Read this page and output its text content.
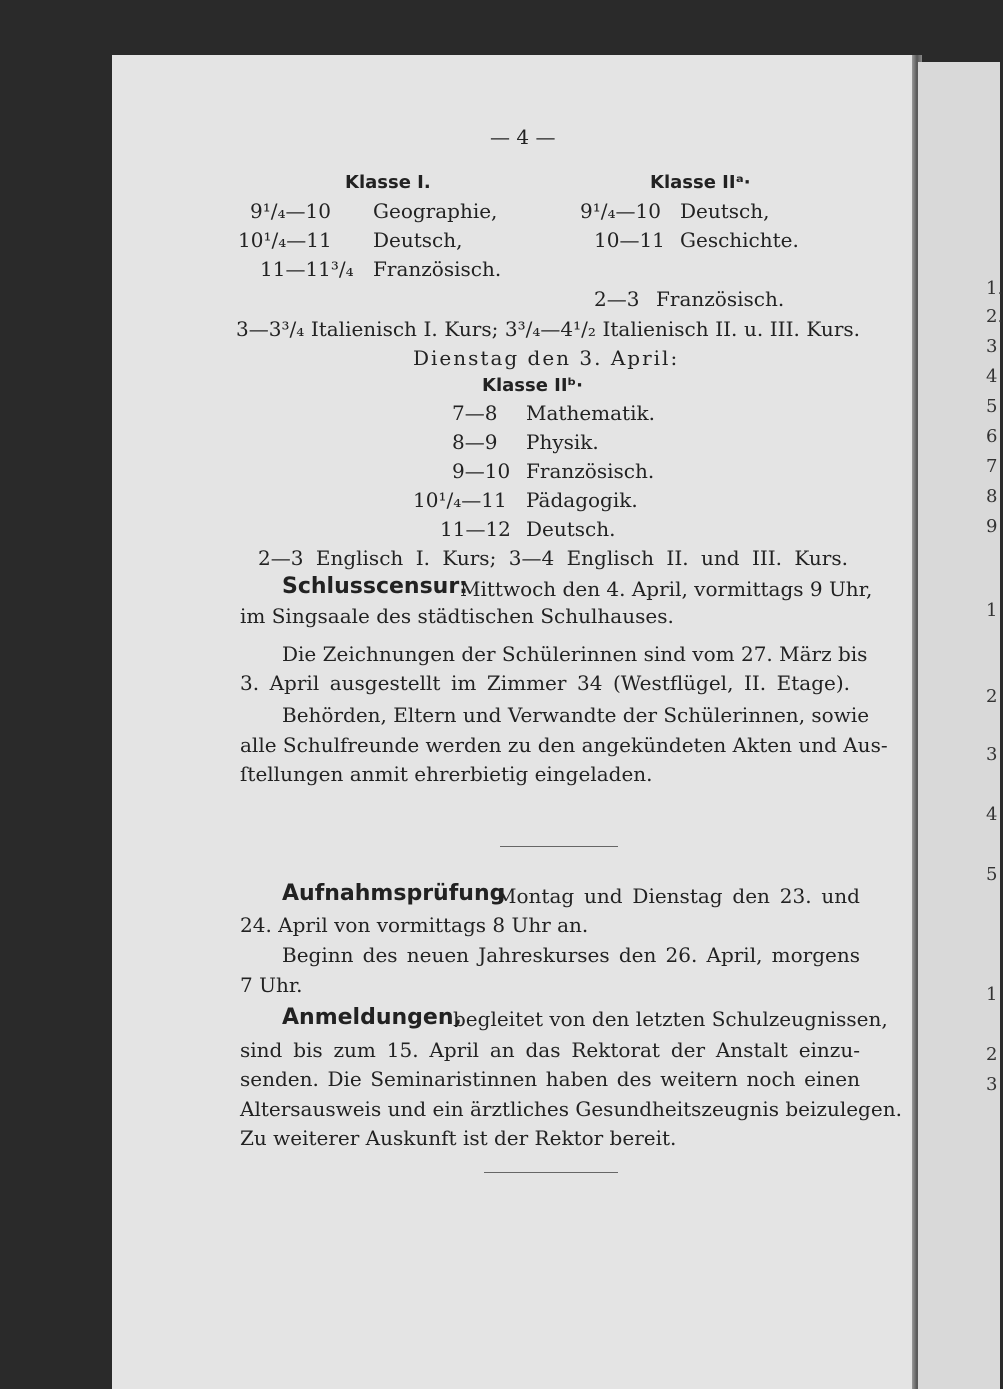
— 4 —
Klasse I.
9¹/₄—10 Geographie,
10¹/₄—11 Deutsch,
11—11³/₄ Französisch.
Klasse IIᵃ·
9¹/₄—10 Deutsch,
10—11 Geschichte.
2—3 Französisch.
3—3³/₄ Italienisch I. Kurs; 3³/₄—4¹/₂ Italienisch II. u. III. Kurs.
Dienstag den 3. April:
Klasse IIᵇ·
7—8 Mathematik.
8—9 Physik.
9—10 Französisch.
10¹/₄—11 Pädagogik.
11—12 Deutsch.
2—3 Englisch I. Kurs; 3—4 Englisch II. und III. Kurs.
Schlusscensur:
Mittwoch den 4. April, vormittags 9 Uhr,
im Singsaale des städtischen Schulhauses.
Die Zeichnungen der Schülerinnen sind vom 27. März bis
3. April ausgestellt im Zimmer 34 (Westflügel, II. Etage).
Behörden, Eltern und Verwandte der Schülerinnen, sowie
alle Schulfreunde werden zu den angekündeten Akten und Aus-
ſtellungen anmit ehrerbietig eingeladen.
Aufnahmsprüfung
Montag und Dienstag den 23. und
24. April von vormittags 8 Uhr an.
Beginn des neuen Jahreskurses den 26. April, morgens
7 Uhr.
Anmeldungen,
begleitet von den letzten Schulzeugnissen,
sind bis zum 15. April an das Rektorat der Anstalt einzu-
senden. Die Seminaristinnen haben des weitern noch einen
Altersausweis und ein ärztliches Gesundheitszeugnis beizulegen.
Zu weiterer Auskunft ist der Rektor bereit.
1.
2.
3
4
5
6
7
8
9
1
2
3
4
5
1
2
3
